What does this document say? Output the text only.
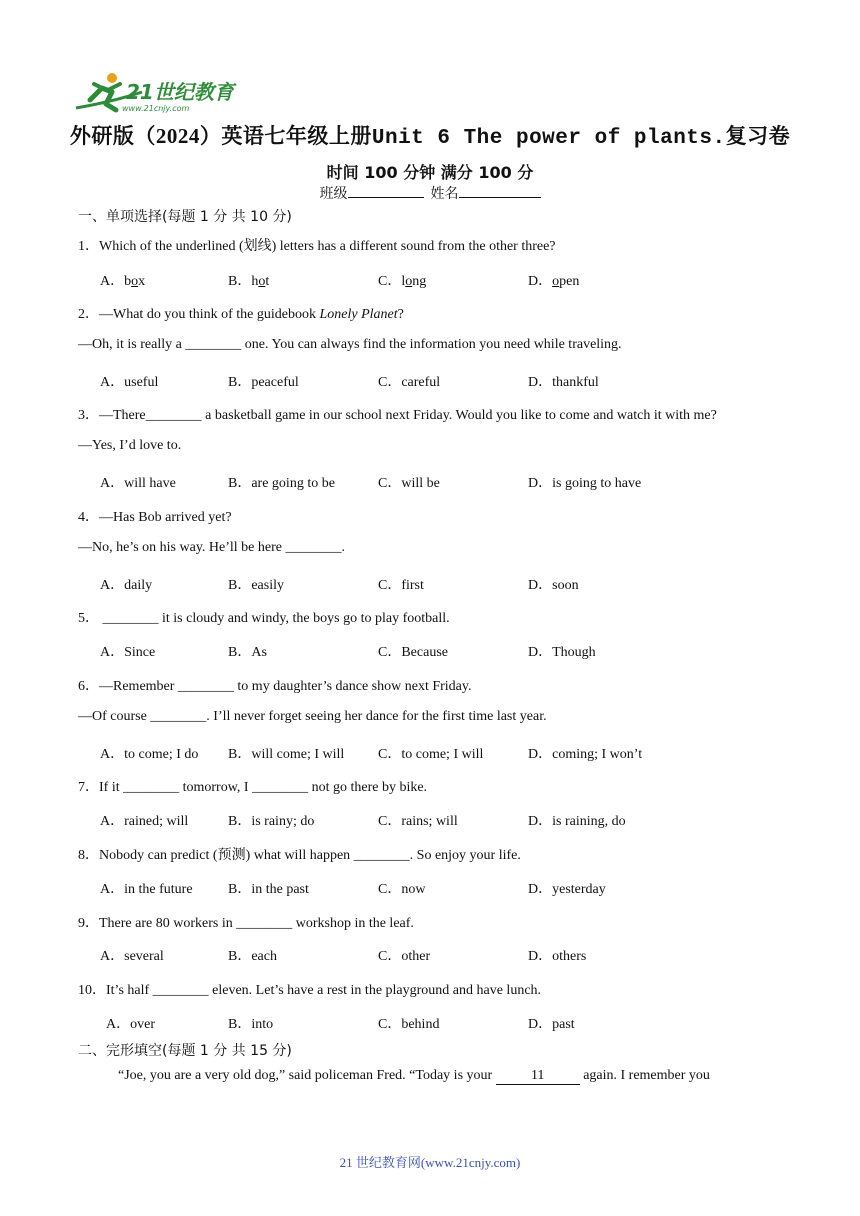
21世纪教育
www.21cnjy.com
外研版（2024）英语七年级上册Unit 6 The power of plants.复习卷
时间 100 分钟 满分 100 分
班级	姓名
一、单项选择(每题 1 分 共 10 分)
1．Which of the underlined (划线) letters has a different sound from the other three?
A．box	B．hot	C．long	D．open
2．—What do you think of the guidebook Lonely Planet?
—Oh, it is really a ________ one. You can always find the information you need while traveling.
A．useful	B．peaceful	C．careful	D．thankful
3．—There________ a basketball game in our school next Friday. Would you like to come and watch it with me?
—Yes, I’d love to.
A．will have	B．are going to be	C．will be	D．is going to have
4．—Has Bob arrived yet?
—No, he’s on his way. He’ll be here ________.
A．daily	B．easily	C．first	D．soon
5． ________ it is cloudy and windy, the boys go to play football.
A．Since	B．As	C．Because	D．Though
6．—Remember ________ to my daughter’s dance show next Friday.
—Of course ________. I’ll never forget seeing her dance for the first time last year.
A．to come; I do B．will come; I will C．to come; I will	D．coming; I won’t
7．If it ________ tomorrow, I ________ not go there by bike.
A．rained; will	B．is rainy; do	C．rains; will	D．is raining, do
8．Nobody can predict (预测) what will happen ________. So enjoy your life.
A．in the future	B．in the past	C．now	D．yesterday
9．There are 80 workers in ________ workshop in the leaf.
A．several	B．each	C．other	D．others
10．It’s half ________ eleven. Let’s have a rest in the playground and have lunch.
A．over	B．into	C．behind	D．past
二、完形填空(每题 1 分 共 15 分)
“Joe, you are a very old dog,” said policeman Fred. “Today is your	11	again. I remember you
21 世纪教育网(www.21cnjy.com)
